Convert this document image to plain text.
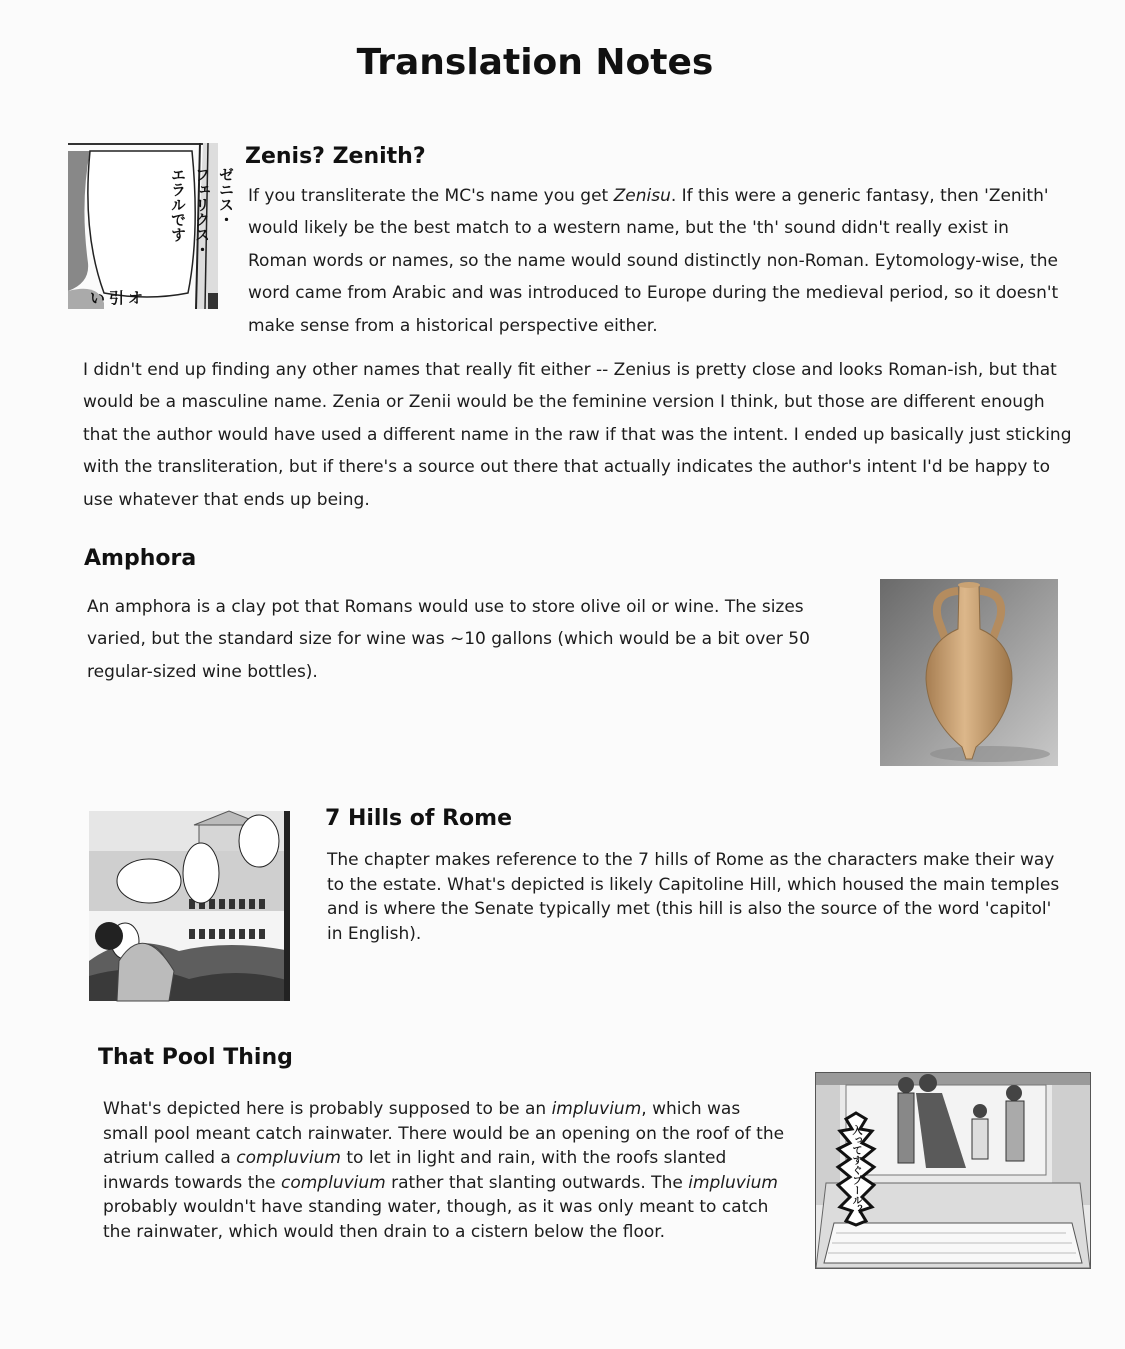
Translation Notes
ゼニス・
フェリクス・
エラルです
い引オ
Zenis? Zenith?

If you transliterate the MC's name you get Zenisu. If this were a generic fantasy, then 'Zenith' would likely be the best match to a western name, but the 'th' sound didn't really exist in Roman words or names, so the name would sound distinctly non-Roman. Eytomology-wise, the word came from Arabic and was introduced to Europe during the medieval period, so it doesn't make sense from a historical perspective either.

I didn't end up finding any other names that really fit either -- Zenius is pretty close and looks Roman-ish, but that would be a masculine name. Zenia or Zenii would be the feminine version I think, but those are different enough that the author would have used a different name in the raw if that was the intent. I ended up basically just sticking with the transliteration, but if there's a source out there that actually indicates the author's intent I'd be happy to use whatever that ends up being.

Amphora

An amphora is a clay pot that Romans would use to store olive oil or wine. The sizes varied, but the standard size for wine was ~10 gallons (which would be a bit over 50 regular-sized wine bottles).

7 Hills of Rome

The chapter makes reference to the 7 hills of Rome as the characters make their way to the estate. What's depicted is likely Capitoline Hill, which housed the main temples and is where the Senate typically met (this hill is also the source of the word 'capitol' in English).

That Pool Thing

What's depicted here is probably supposed to be an impluvium, which was small pool meant catch rainwater. There would be an opening on the roof of the atrium called a compluvium to let in light and rain, with the roofs slanted inwards towards the compluvium rather that slanting outwards. The impluvium probably wouldn't have standing water, though, as it was only meant to catch the rainwater, which would then drain to a cistern below the floor.

入ってすぐプール？
